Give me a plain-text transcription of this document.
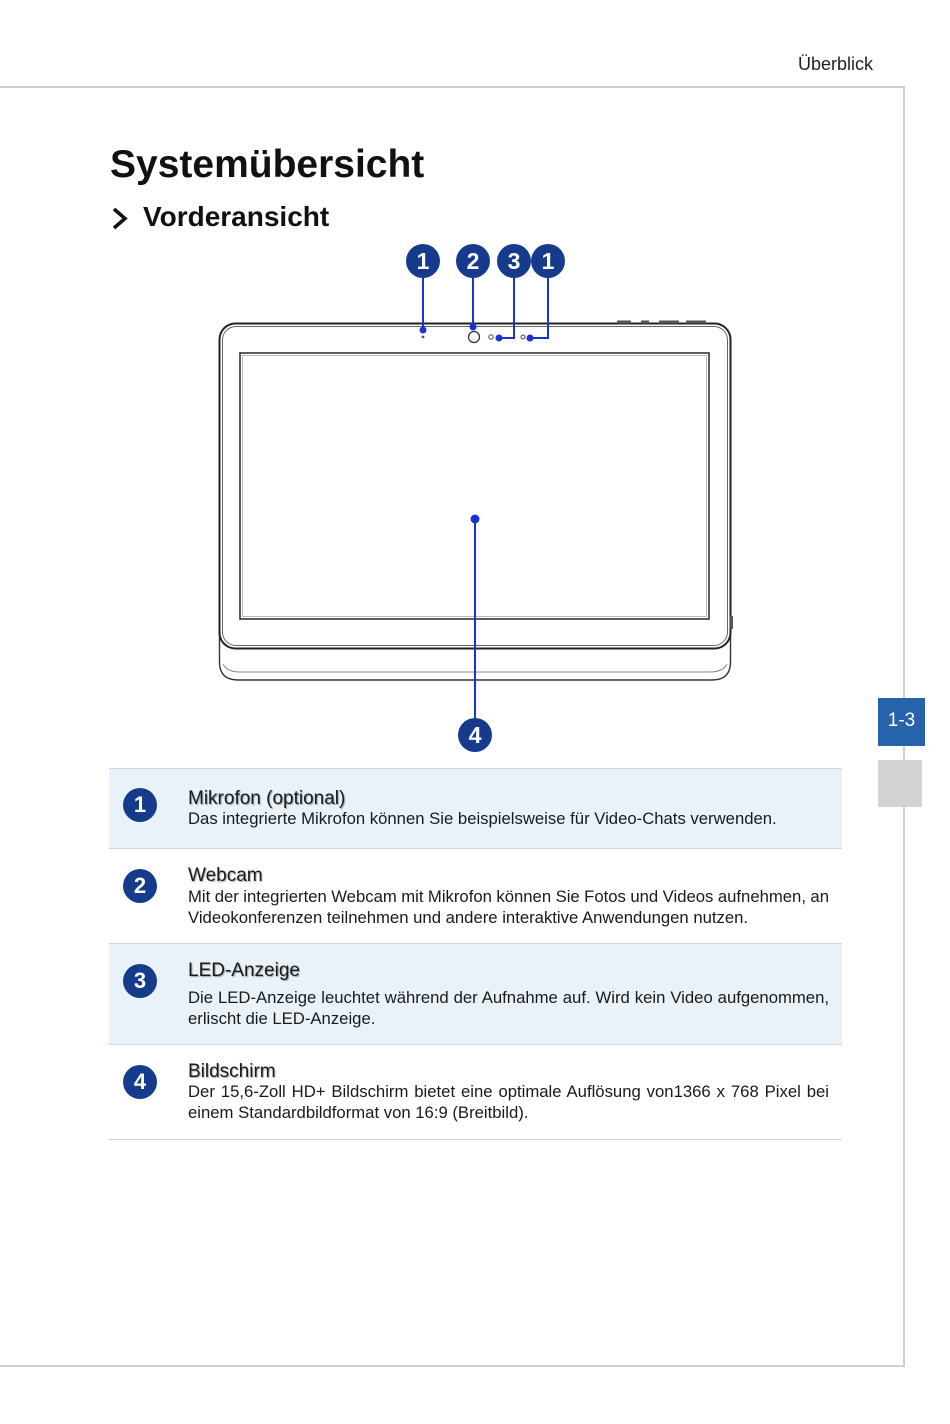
Überblick
Systemübersicht
Vorderansicht
1 2 3 1
4
1-3
1	Mikrofon (optional)
Das integrierte Mikrofon können Sie beispielsweise für Video-Chats verwenden.
2	Webcam
Mit der integrierten Webcam mit Mikrofon können Sie Fotos und Videos aufnehmen, an
Videokonferenzen teilnehmen und andere interaktive Anwendungen nutzen.
3	LED-Anzeige
Die LED-Anzeige leuchtet während der Aufnahme auf. Wird kein Video aufgenommen,
erlischt die LED-Anzeige.
4	Bildschirm
Der 15,6-Zoll HD+ Bildschirm bietet eine optimale Auflösung von1366 x 768 Pixel bei
einem Standardbildformat von 16:9 (Breitbild).
